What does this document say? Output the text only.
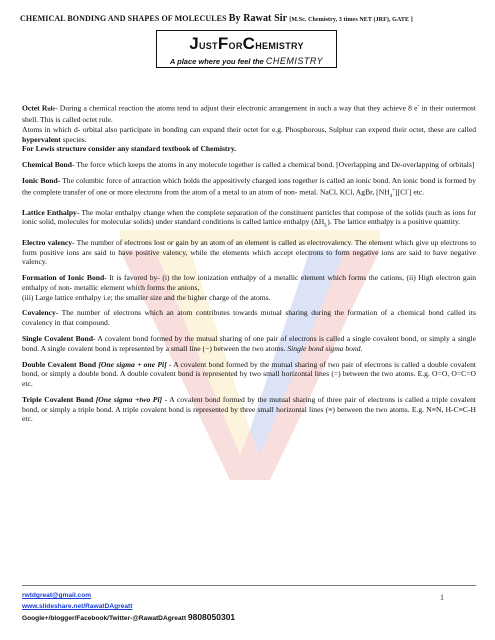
CHEMICAL BONDING AND SHAPES OF MOLECULES By Rawat Sir [M.Sc. Chemistry, 3 times NET (JRF), GATE ]
JUSTFORCHEMISTRY
A place where you feel the CHEMISTRY

Octet Rule- During a chemical reaction the atoms tend to adjust their electronic arrangement in such a way that they achieve 8 e- in their outermost shell. This is called octet rule.
Atoms in which d- orbital also participate in bonding can expand their octet for e.g. Phosphorous, Sulphur can expend their octet, these are called hypervalent species.
For Lewis structure consider any standard textbook of Chemistry.

Chemical Bond- The force which keeps the atoms in any molecule together is called a chemical bond. [Overlapping and De-overlapping of orbitals]

Ionic Bond- The columbic force of attraction which holds the appositively charged ions together is called an ionic bond. An ionic bond is formed by the complete transfer of one or more electrons from the atom of a metal to an atom of non- metal. NaCl, KCl, AgBr, $[NH_4^+][Cl^-]$ etc.

Lattice Enthalpy- The molar enthalpy change when the complete separation of the constituent particles that compose of the solids (such as ions for ionic solid, molecules for molecular solids) under standard conditions is called lattice enthalpy $(\Delta H_L)$. The lattice enthalpy is a positive quantity.

Electro valency- The number of electrons lost or gain by an atom of an element is called as electrovalency. The element which give up electrons to form positive ions are said to have positive valency, while the elements which accept electrons to form negative ions are said to have negative valency.

Formation of Ionic Bond- It is favored by- (i) the low ionization enthalpy of a metallic element which forms the cations, (ii) High electron gain enthalpy of non- metallic element which forms the anions,
(iii) Large lattice enthalpy i.e; the smaller size and the higher charge of the atoms.

Covalency- The number of electrons which an atom contributes towards mutual sharing during the formation of a chemical bond called its covalency in that compound.

Single Covalent Bond- A covalent bond formed by the mutual sharing of one pair of electrons is called a single covalent bond, or simply a single bond. A single covalent bond is represented by a small line (−) between the two atoms. Single bond sigma bond.

Double Covalent Bond [One sigma + one Pi] - A covalent bond formed by the mutual sharing of two pair of electrons is called a double covalent bond, or simply a double bond. A double covalent bond is represented by two small horizontal lines (=) between the two atoms. E.g. O=O, O=C=O etc.

Triple Covalent Bond [One sigma +two Pi] - A covalent bond formed by the mutual sharing of three pair of electrons is called a triple covalent bond, or simply a triple bond. A triple covalent bond is represented by three small horizontal lines (≡) between the two atoms. E.g. N≡N, H-C≡C-H etc.

rwtdgreat@gmail.com
www.slideshare.net/RawatDAgreatt
Google+/blogger/Facebook/Twitter-@RawatDAgreatt 9808050301
1
